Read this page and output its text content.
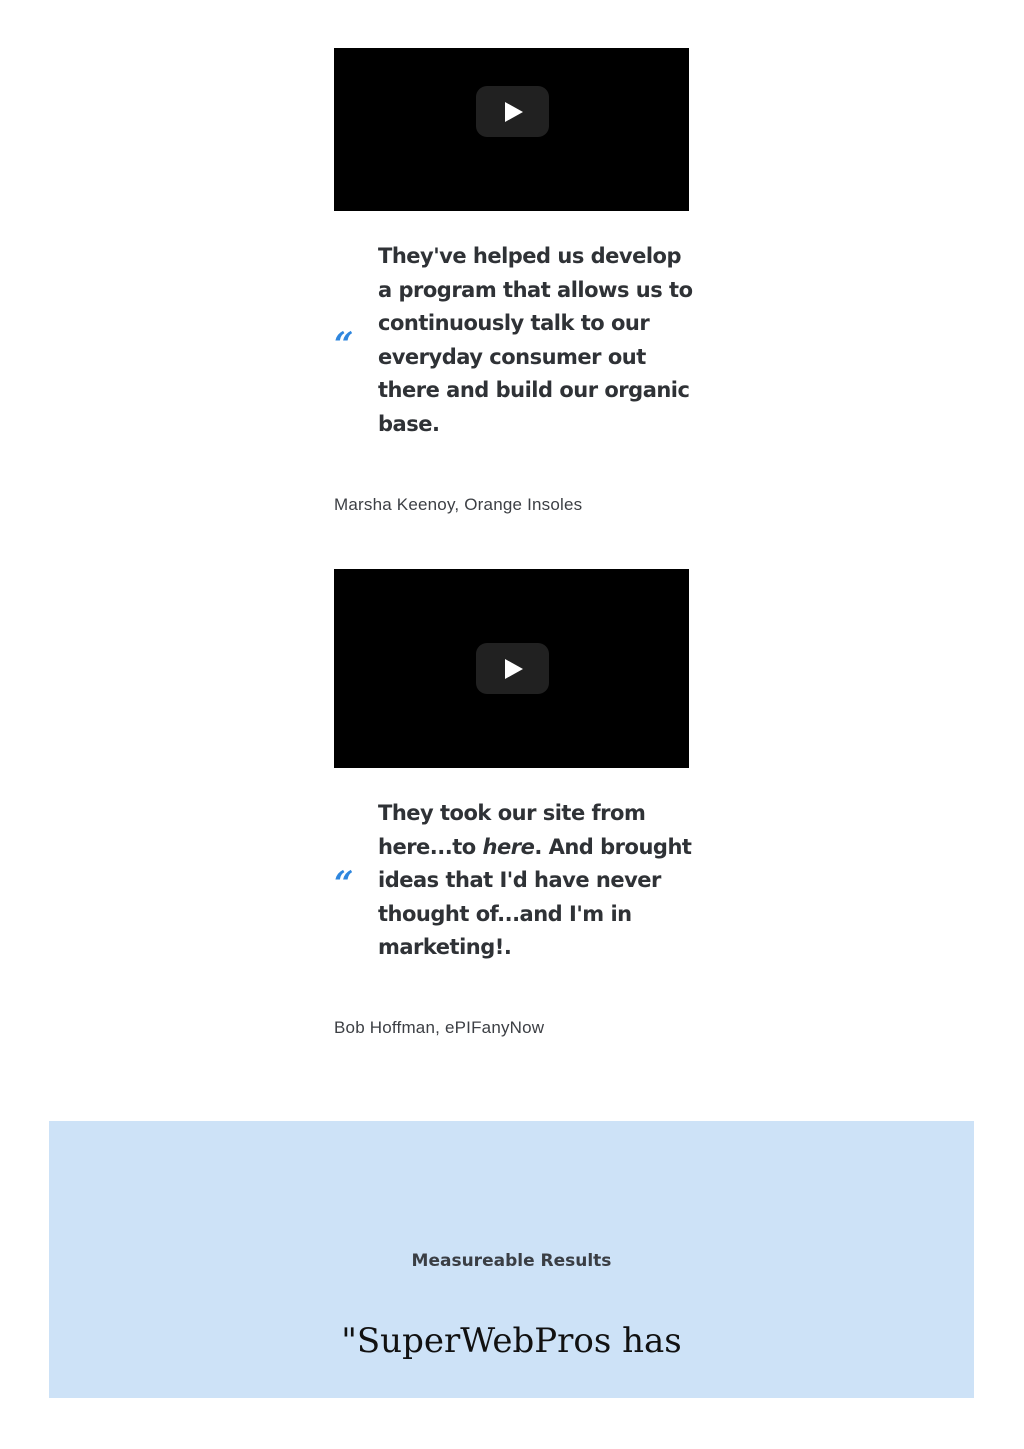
“

They've helped us develop a program that allows us to continuously talk to our everyday consumer out there and build our organic base.

Marsha Keenoy, Orange Insoles

“

They took our site from here...to here. And brought ideas that I'd have never thought of...and I'm in marketing!.

Bob Hoffman, ePIFanyNow

Measureable Results

"SuperWebPros has
